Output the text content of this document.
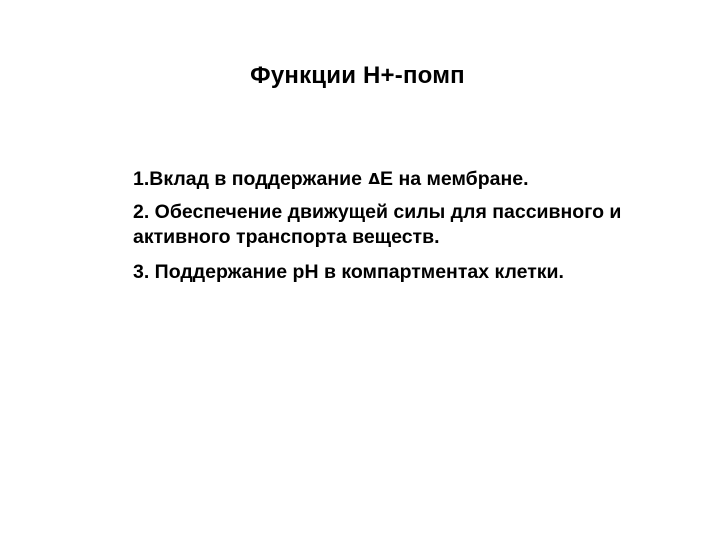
Функции Н+-помп
1.Вклад в поддержание ΔЕ на мембране.
2. Обеспечение движущей силы для пассивного и активного транспорта веществ.
3. Поддержание рН в компартментах клетки.
